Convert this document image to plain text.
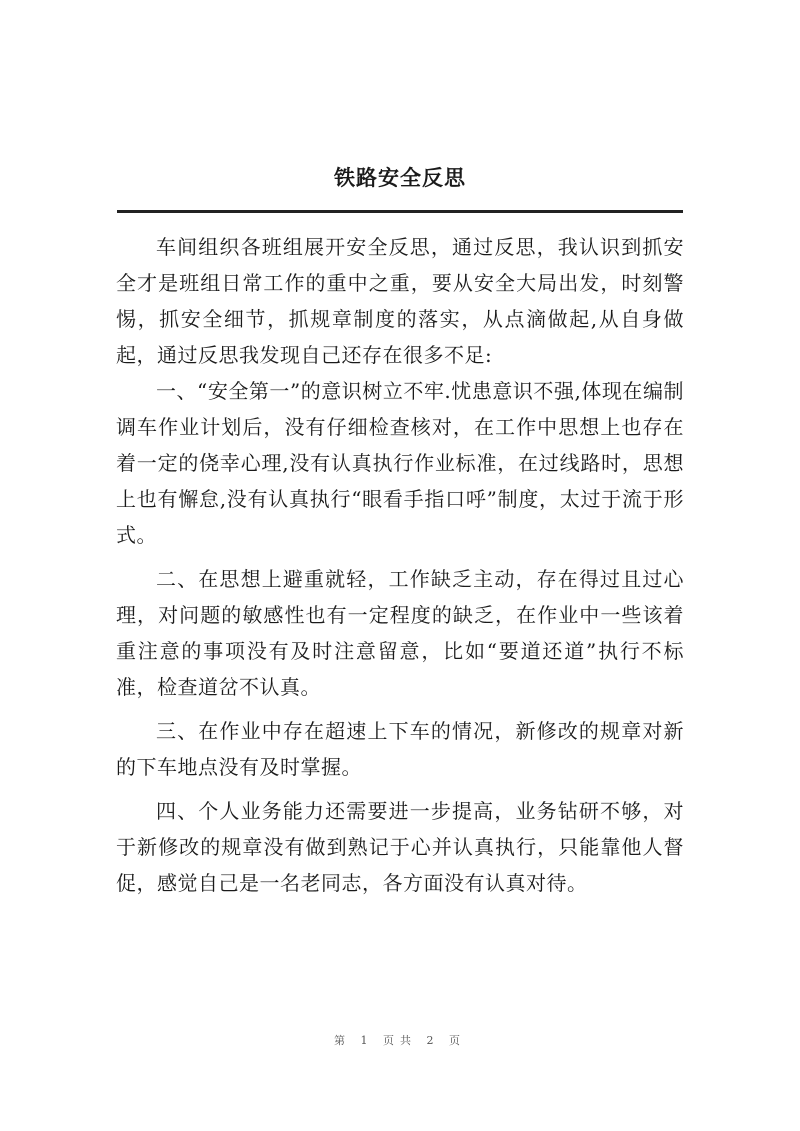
铁路安全反思

车间组织各班组展开安全反思，通过反思，我认识到抓安全才是班组日常工作的重中之重，要从安全大局出发，时刻警惕，抓安全细节，抓规章制度的落实，从点滴做起,从自身做起，通过反思我发现自己还存在很多不足:

一、“安全第一”的意识树立不牢.忧患意识不强,体现在编制调车作业计划后，没有仔细检查核对，在工作中思想上也存在着一定的侥幸心理,没有认真执行作业标准，在过线路时，思想上也有懈怠,没有认真执行“眼看手指口呼”制度，太过于流于形式。

二、在思想上避重就轻，工作缺乏主动，存在得过且过心理，对问题的敏感性也有一定程度的缺乏，在作业中一些该着重注意的事项没有及时注意留意，比如“要道还道”执行不标准，检查道岔不认真。

三、在作业中存在超速上下车的情况，新修改的规章对新的下车地点没有及时掌握。

四、个人业务能力还需要进一步提高，业务钻研不够，对于新修改的规章没有做到熟记于心并认真执行，只能靠他人督促，感觉自己是一名老同志，各方面没有认真对待。

第 1 页共 2 页
